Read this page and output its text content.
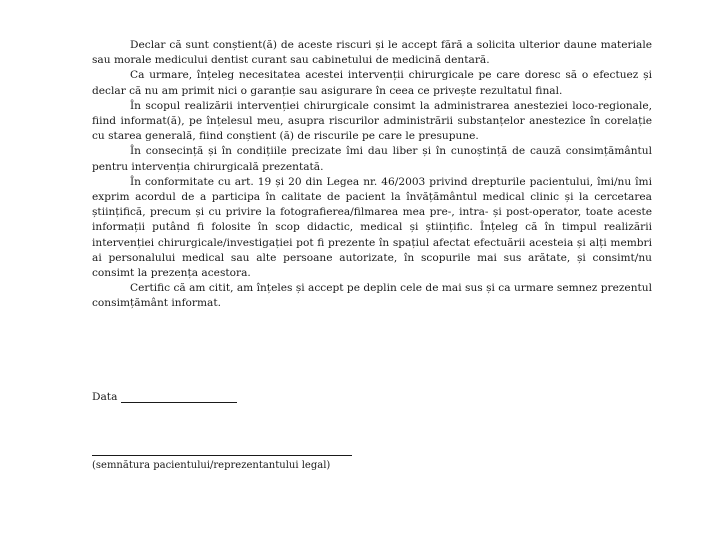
Declar că sunt conștient(ă) de aceste riscuri și le accept fără a solicita ulterior daune materiale sau morale medicului dentist curant sau cabinetului de medicină dentară.

Ca urmare, înțeleg necesitatea acestei intervenții chirurgicale pe care doresc să o efectuez și declar că nu am primit nici o garanție sau asigurare în ceea ce privește rezultatul final.

În scopul realizării intervenției chirurgicale consimt la administrarea anesteziei loco-regionale, fiind informat(ă), pe înțelesul meu, asupra riscurilor administrării substanțelor anestezice în corelație cu starea generală, fiind conștient (ă) de riscurile pe care le presupune.

În consecință și în condițiile precizate îmi dau liber și în cunoștință de cauză consimțământul pentru intervenția chirurgicală prezentată.

În conformitate cu art. 19 și 20 din Legea nr. 46/2003 privind drepturile pacientului, îmi/nu îmi exprim acordul de a participa în calitate de pacient la învățământul medical clinic și la cercetarea științifică, precum și cu privire la fotografierea/filmarea mea pre-, intra- și post-operator, toate aceste informații putând fi folosite în scop didactic, medical și științific. Înțeleg că în timpul realizării intervenției chirurgicale/investigației pot fi prezente în spațiul afectat efectuării acesteia și alți membri ai personalului medical sau alte persoane autorizate, în scopurile mai sus arătate, și consimt/nu consimt la prezența acestora.

Certific că am citit, am înțeles și accept pe deplin cele de mai sus și ca urmare semnez prezentul consimțământ informat.

Data
(semnătura pacientului/reprezentantului legal)
